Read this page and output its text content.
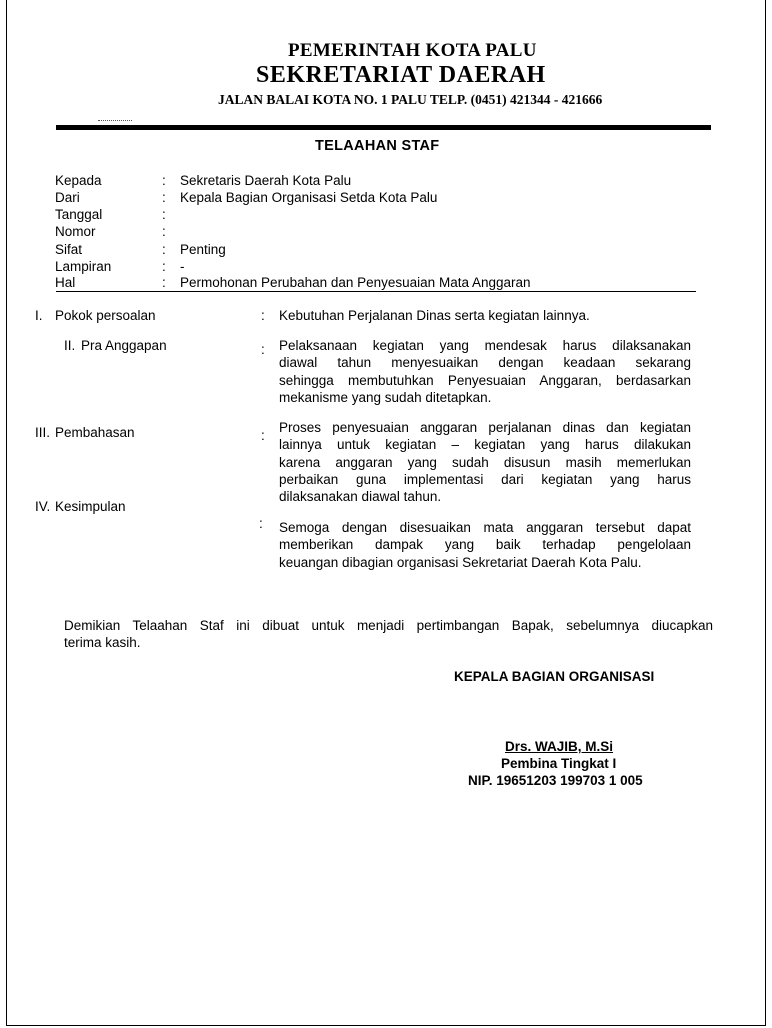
PEMERINTAH KOTA PALU
SEKRETARIAT DAERAH
JALAN BALAI KOTA NO. 1 PALU TELP. (0451) 421344 - 421666
TELAAHAN STAF
Kepada	: Sekretaris Daerah Kota Palu
Dari	: Kepala Bagian Organisasi Setda Kota Palu
Tanggal	:
Nomor	:
Sifat	: Penting
Lampiran	: -
Hal	: Permohonan Perubahan dan Penyesuaian Mata Anggaran
I. Pokok persoalan	: Kebutuhan Perjalanan Dinas serta kegiatan lainnya.
II. Pra Anggapan	: Pelaksanaan kegiatan yang mendesak harus dilaksanakan
diawal tahun menyesuaikan dengan keadaan sekarang
sehingga membutuhkan Penyesuaian Anggaran, berdasarkan
mekanisme yang sudah ditetapkan.
III. Pembahasan	:
Proses penyesuaian anggaran perjalanan dinas dan kegiatan
lainnya untuk kegiatan – kegiatan yang harus dilakukan
karena anggaran yang sudah disusun masih memerlukan
perbaikan guna implementasi dari kegiatan yang harus
dilaksanakan diawal tahun.
IV. Kesimpulan
: Semoga dengan disesuaikan mata anggaran tersebut dapat
memberikan dampak yang baik terhadap pengelolaan
keuangan dibagian organisasi Sekretariat Daerah Kota Palu.
Demikian Telaahan Staf ini dibuat untuk menjadi pertimbangan Bapak, sebelumnya diucapkan
terima kasih.
KEPALA BAGIAN ORGANISASI
Drs. WAJIB, M.Si
Pembina Tingkat I
NIP. 19651203 199703 1 005
